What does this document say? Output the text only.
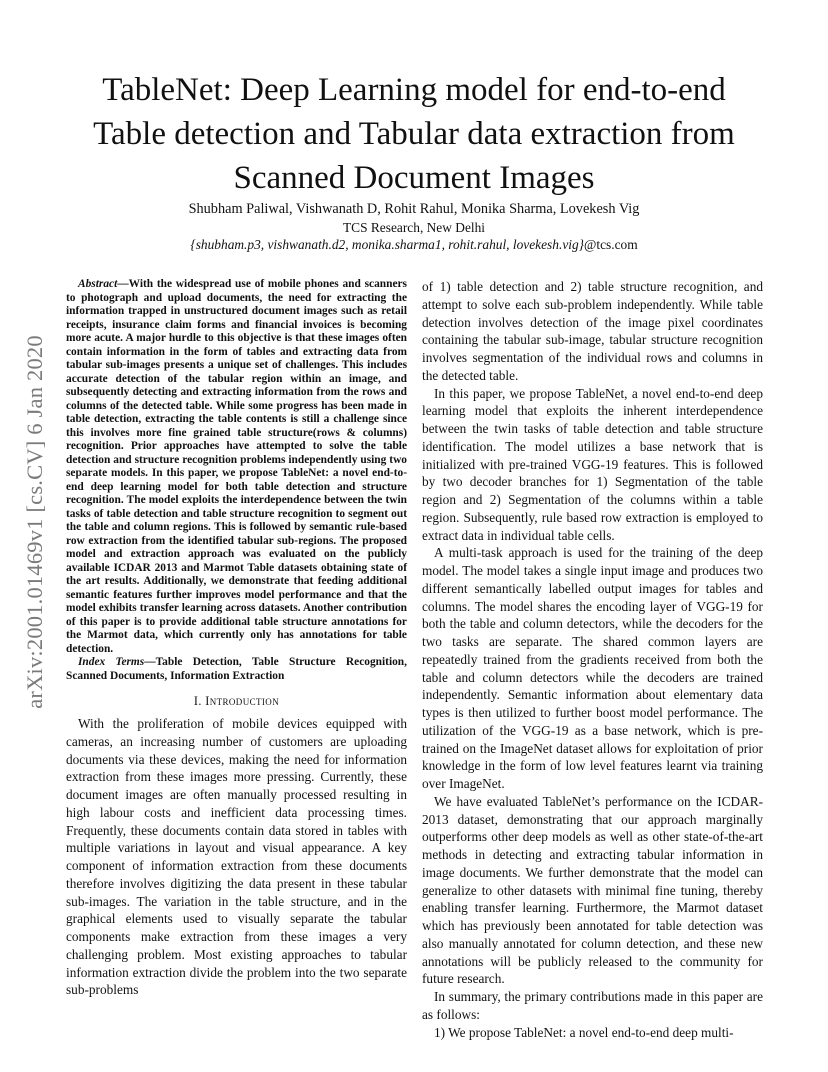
arXiv:2001.01469v1 [cs.CV] 6 Jan 2020
TableNet: Deep Learning model for end-to-end
Table detection and Tabular data extraction from
Scanned Document Images
Shubham Paliwal, Vishwanath D, Rohit Rahul, Monika Sharma, Lovekesh Vig
TCS Research, New Delhi
{shubham.p3, vishwanath.d2, monika.sharma1, rohit.rahul, lovekesh.vig}@tcs.com

Abstract—With the widespread use of mobile phones and scanners to photograph and upload documents, the need for extracting the information trapped in unstructured document images such as retail receipts, insurance claim forms and financial invoices is becoming more acute. A major hurdle to this objective is that these images often contain information in the form of tables and extracting data from tabular sub-images presents a unique set of challenges. This includes accurate detection of the tabular region within an image, and subsequently detecting and extracting information from the rows and columns of the detected table. While some progress has been made in table detection, extracting the table contents is still a challenge since this involves more fine grained table structure(rows & columns) recognition. Prior approaches have attempted to solve the table detection and structure recognition problems independently using two separate models. In this paper, we propose TableNet: a novel end-to-end deep learning model for both table detection and structure recognition. The model exploits the interdependence between the twin tasks of table detection and table structure recognition to segment out the table and column regions. This is followed by semantic rule-based row extraction from the identified tabular sub-regions. The proposed model and extraction approach was evaluated on the publicly available ICDAR 2013 and Marmot Table datasets obtaining state of the art results. Additionally, we demonstrate that feeding additional semantic features further improves model performance and that the model exhibits transfer learning across datasets. Another contribution of this paper is to provide additional table structure annotations for the Marmot data, which currently only has annotations for table detection.

Index Terms—Table Detection, Table Structure Recognition, Scanned Documents, Information Extraction

I. Introduction

With the proliferation of mobile devices equipped with cameras, an increasing number of customers are uploading documents via these devices, making the need for information extraction from these images more pressing. Currently, these document images are often manually processed resulting in high labour costs and inefficient data processing times. Frequently, these documents contain data stored in tables with multiple variations in layout and visual appearance. A key component of information extraction from these documents therefore involves digitizing the data present in these tabular sub-images. The variation in the table structure, and in the graphical elements used to visually separate the tabular components make extraction from these images a very challenging problem. Most existing approaches to tabular information extraction divide the problem into the two separate sub-problems

of 1) table detection and 2) table structure recognition, and attempt to solve each sub-problem independently. While table detection involves detection of the image pixel coordinates containing the tabular sub-image, tabular structure recognition involves segmentation of the individual rows and columns in the detected table.

In this paper, we propose TableNet, a novel end-to-end deep learning model that exploits the inherent interdependence between the twin tasks of table detection and table structure identification. The model utilizes a base network that is initialized with pre-trained VGG-19 features. This is followed by two decoder branches for 1) Segmentation of the table region and 2) Segmentation of the columns within a table region. Subsequently, rule based row extraction is employed to extract data in individual table cells.

A multi-task approach is used for the training of the deep model. The model takes a single input image and produces two different semantically labelled output images for tables and columns. The model shares the encoding layer of VGG-19 for both the table and column detectors, while the decoders for the two tasks are separate. The shared common layers are repeatedly trained from the gradients received from both the table and column detectors while the decoders are trained independently. Semantic information about elementary data types is then utilized to further boost model performance. The utilization of the VGG-19 as a base network, which is pre-trained on the ImageNet dataset allows for exploitation of prior knowledge in the form of low level features learnt via training over ImageNet.

We have evaluated TableNet’s performance on the ICDAR-2013 dataset, demonstrating that our approach marginally outperforms other deep models as well as other state-of-the-art methods in detecting and extracting tabular information in image documents. We further demonstrate that the model can generalize to other datasets with minimal fine tuning, thereby enabling transfer learning. Furthermore, the Marmot dataset which has previously been annotated for table detection was also manually annotated for column detection, and these new annotations will be publicly released to the community for future research.

In summary, the primary contributions made in this paper are as follows:

1) We propose TableNet: a novel end-to-end deep multi-
